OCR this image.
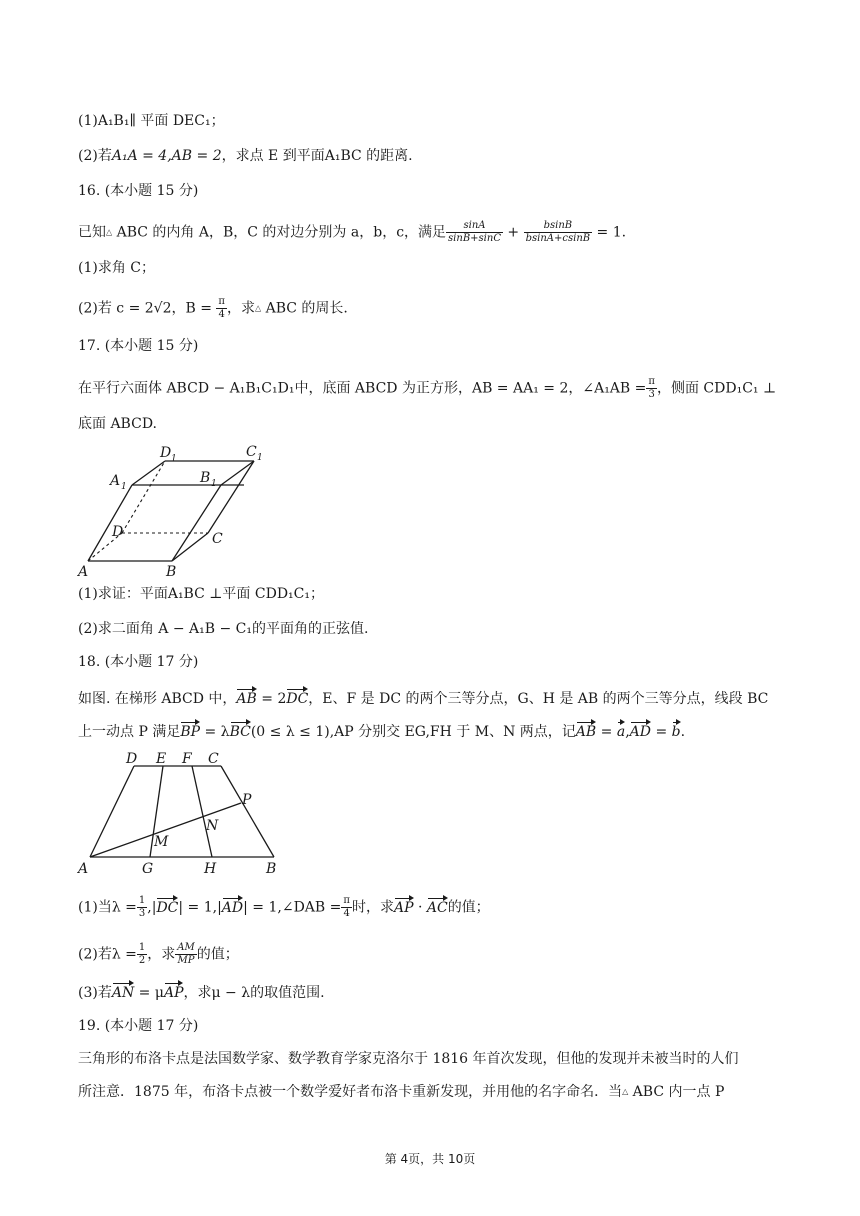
(1)A₁B₁∥ 平面 DEC₁；
(2)若A₁A = 4,AB = 2，求点 E 到平面A₁BC 的距离.
16. (本小题 15 分)
已知△ ABC 的内角 A，B，C 的对边分别为 a，b，c，满足 $\frac{\sin A}{\sin B+\sin C} + \frac{bsinB}{bsinA+csinB} = 1$.
(1)求角 C；
(2)若 c = 2√2，$B = \frac{\pi}{4}$ ，求△ ABC 的周长.
17. (本小题 15 分)
在平行六面体 ABCD − A₁B₁C₁D₁中，底面 ABCD 为正方形，AB = AA₁ = 2，∠A₁AB = $\frac{\pi}{3}$ ，侧面 CDD₁C₁ ⊥
底面 ABCD.
A	B
C
D
A 1
B 1
D 1	C 1
(1)求证：平面A₁BC ⊥平面 CDD₁C₁；
(2)求二面角 A − A₁B − C₁的平面角的正弦值.
18. (本小题 17 分)
如图. 在梯形 ABCD 中，AB = 2DC，E、F 是 DC 的两个三等分点，G、H 是 AB 的两个三等分点，线段 BC
上一动点 P 满足BP = λBC(0 ≤ λ ≤ 1),AP 分别交 EG,FH 于 M、N 两点，记AB = a,AD = b.
D E F C
P
N
M
A	G	H	B
(1)当$\lambda = \frac{1}{3} ,|DC| = 1,|AD|$ = 1,∠DAB = $\frac{\pi}{4}$ 时，求AP · AC的值；
(2)若$\lambda = \frac{1}{2}$ ，求 $\frac{AM}{MP}$ 的值；
(3)若AN = μAP，求μ − λ的取值范围.
19. (本小题 17 分)
三角形的布洛卡点是法国数学家、数学教育学家克洛尔于 1816 年首次发现，但他的发现并未被当时的人们
所注意．1875 年，布洛卡点被一个数学爱好者布洛卡重新发现，并用他的名字命名．当△ ABC 内一点 P
第 4页，共 10页
